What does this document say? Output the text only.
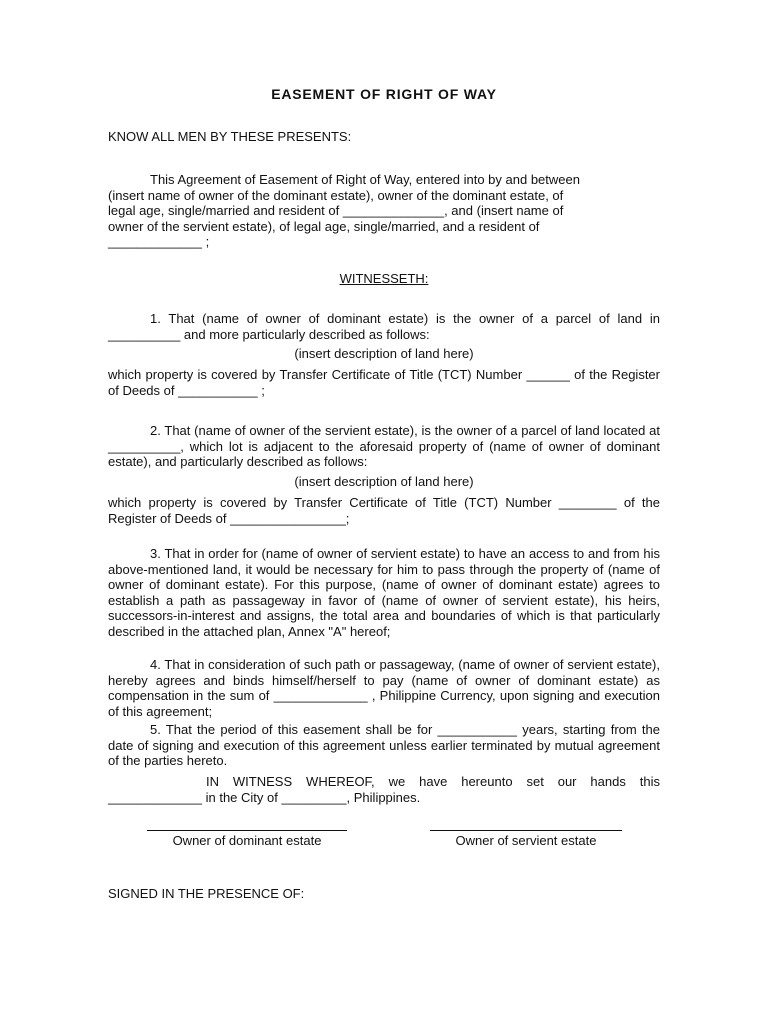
EASEMENT OF RIGHT OF WAY

KNOW ALL MEN BY THESE PRESENTS:

This Agreement of Easement of Right of Way, entered into by and between
(insert name of owner of the dominant estate), owner of the dominant estate, of
legal age, single/married and resident of ______________, and (insert name of
owner of the servient estate), of legal age, single/married, and a resident of
_____________ ;
WITNESSETH:

1. That (name of owner of dominant estate) is the owner of a parcel of land in __________ and more particularly described as follows:

(insert description of land here)

which property is covered by Transfer Certificate of Title (TCT) Number ______ of the Register of Deeds of ___________ ;

2. That (name of owner of the servient estate), is the owner of a parcel of land located at __________, which lot is adjacent to the aforesaid property of (name of owner of dominant estate), and particularly described as follows:

(insert description of land here)

which property is covered by Transfer Certificate of Title (TCT) Number ________ of the Register of Deeds of ________________;

3. That in order for (name of owner of servient estate) to have an access to and from his above-mentioned land, it would be necessary for him to pass through the property of (name of owner of dominant estate). For this purpose, (name of owner of dominant estate) agrees to establish a path as passageway in favor of (name of owner of servient estate), his heirs, successors-in-interest and assigns, the total area and boundaries of which is that particularly described in the attached plan, Annex "A" hereof;

4. That in consideration of such path or passageway, (name of owner of servient estate), hereby agrees and binds himself/herself to pay (name of owner of dominant estate) as compensation in the sum of _____________ , Philippine Currency, upon signing and execution of this agreement;

5. That the period of this easement shall be for ___________ years, starting from the date of signing and execution of this agreement unless earlier terminated by mutual agreement of the parties hereto.

IN WITNESS WHEREOF, we have hereunto set our hands this _____________ in the City of _________, Philippines.

Owner of dominant estate	Owner of servient estate

SIGNED IN THE PRESENCE OF:
